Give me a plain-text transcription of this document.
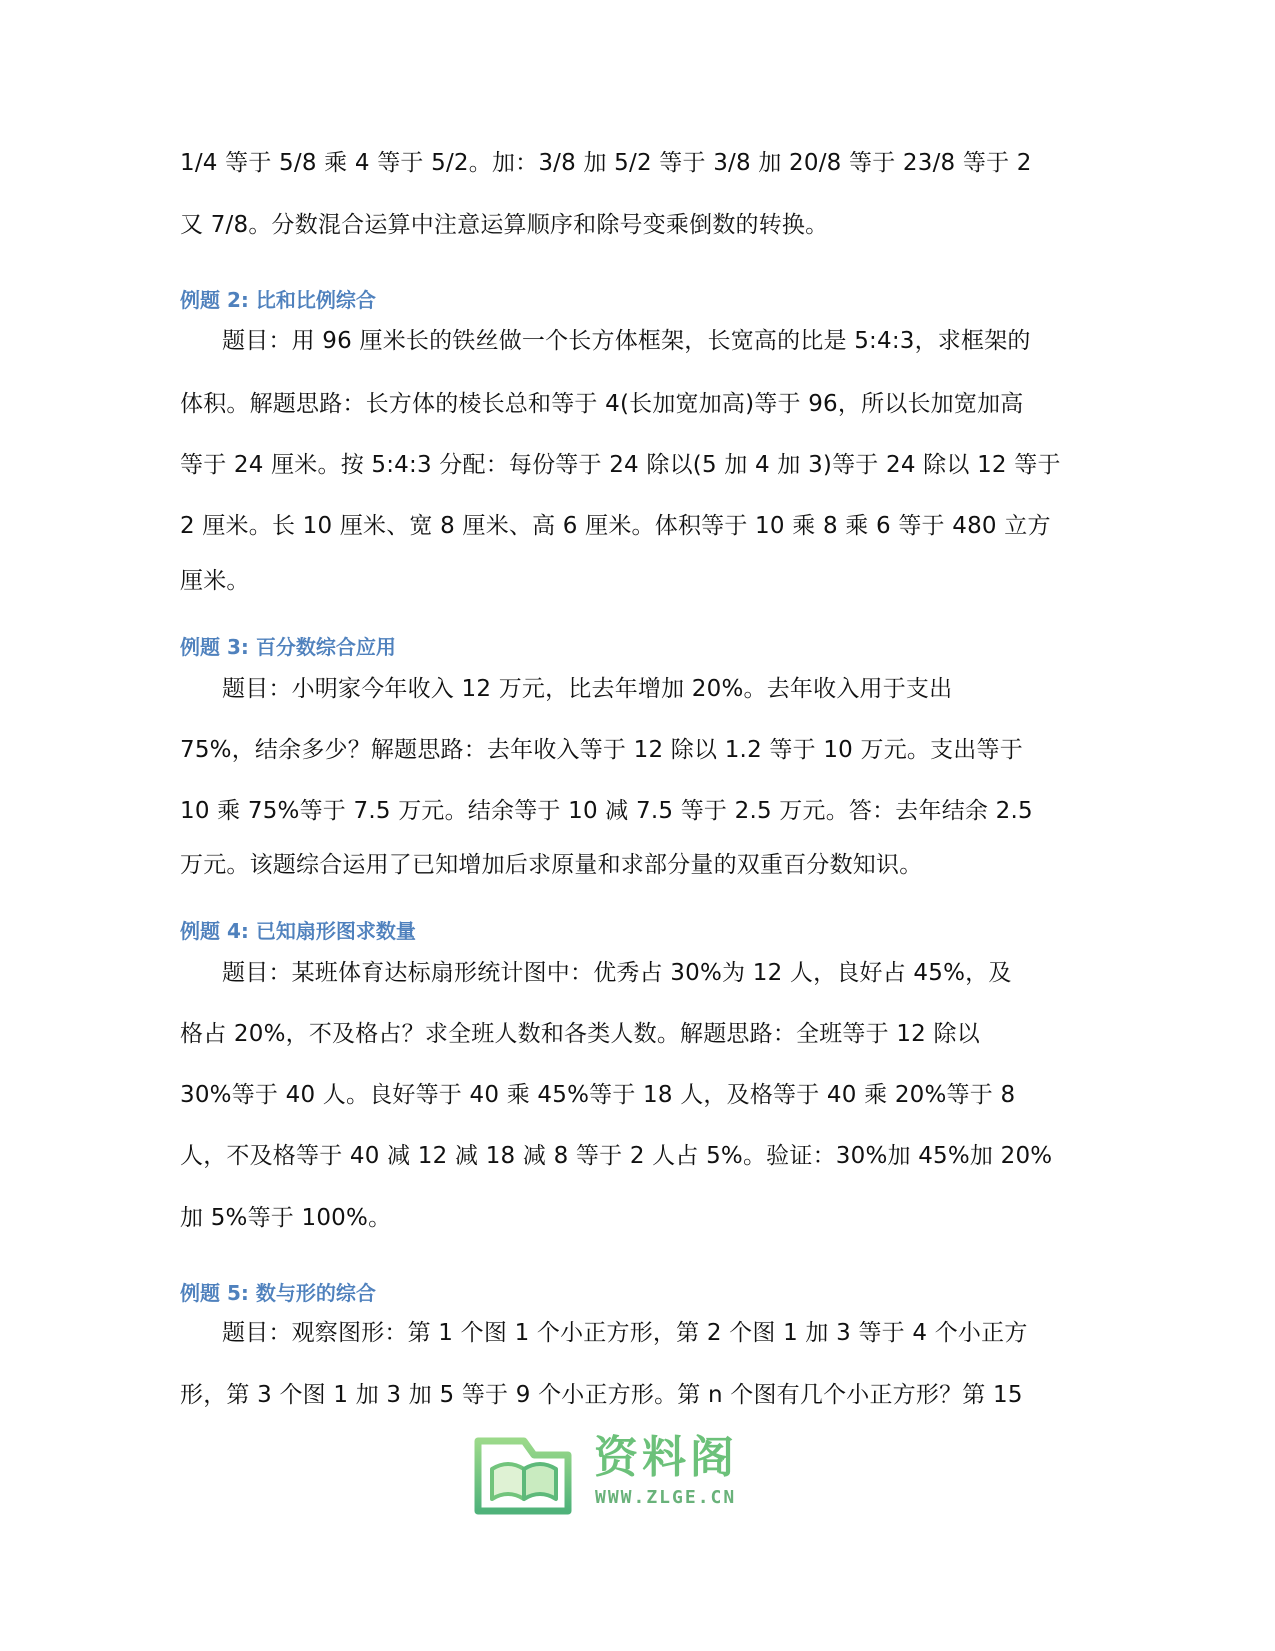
1/4 等于 5/8 乘 4 等于 5/2。加：3/8 加 5/2 等于 3/8 加 20/8 等于 23/8 等于 2
又 7/8。分数混合运算中注意运算顺序和除号变乘倒数的转换。
例题 2: 比和比例综合
题目：用 96 厘米长的铁丝做一个长方体框架，长宽高的比是 5:4:3，求框架的
体积。解题思路：长方体的棱长总和等于 4(长加宽加高)等于 96，所以长加宽加高
等于 24 厘米。按 5:4:3 分配：每份等于 24 除以(5 加 4 加 3)等于 24 除以 12 等于
2 厘米。长 10 厘米、宽 8 厘米、高 6 厘米。体积等于 10 乘 8 乘 6 等于 480 立方
厘米。
例题 3: 百分数综合应用
题目：小明家今年收入 12 万元，比去年增加 20%。去年收入用于支出
75%，结余多少？解题思路：去年收入等于 12 除以 1.2 等于 10 万元。支出等于
10 乘 75%等于 7.5 万元。结余等于 10 减 7.5 等于 2.5 万元。答：去年结余 2.5
万元。该题综合运用了已知增加后求原量和求部分量的双重百分数知识。
例题 4: 已知扇形图求数量
题目：某班体育达标扇形统计图中：优秀占 30%为 12 人，良好占 45%，及
格占 20%，不及格占？求全班人数和各类人数。解题思路：全班等于 12 除以
30%等于 40 人。良好等于 40 乘 45%等于 18 人，及格等于 40 乘 20%等于 8
人，不及格等于 40 减 12 减 18 减 8 等于 2 人占 5%。验证：30%加 45%加 20%
加 5%等于 100%。
例题 5: 数与形的综合
题目：观察图形：第 1 个图 1 个小正方形，第 2 个图 1 加 3 等于 4 个小正方
形，第 3 个图 1 加 3 加 5 等于 9 个小正方形。第 n 个图有几个小正方形？第 15
资料阁
WWW.ZLGE.CN
